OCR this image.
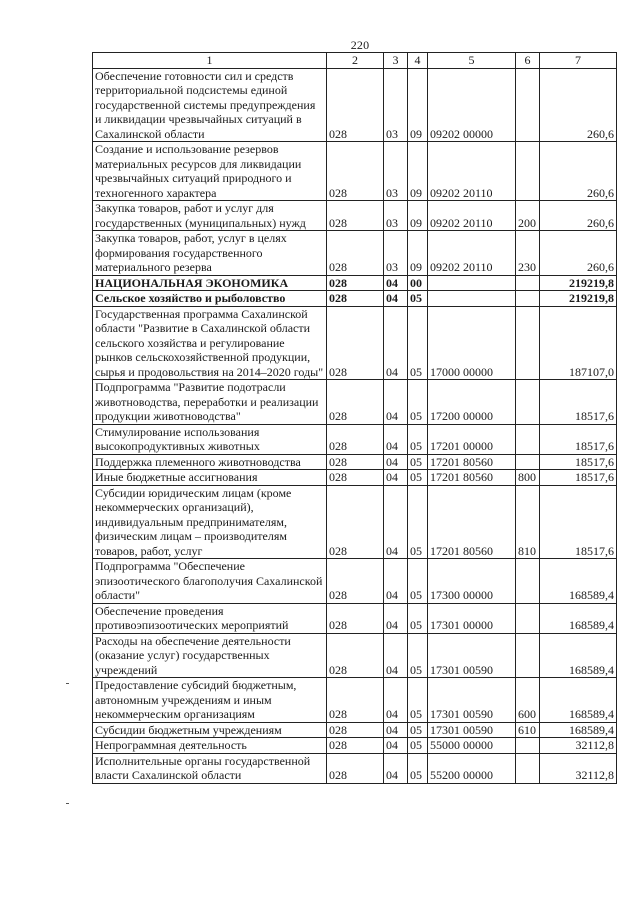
220
1	2	3	4	5	6	7
Обеспечение готовности сил и средств территориальной подсистемы единой государственной системы предупреждения и ликвидации чрезвычайных ситуаций в Сахалинской области	028	03	09	09202 00000		260,6
Создание и использование резервов материальных ресурсов для ликвидации чрезвычайных ситуаций природного и техногенного характера	028	03	09	09202 20110		260,6
Закупка товаров, работ и услуг для государственных (муниципальных) нужд	028	03	09	09202 20110	200	260,6
Закупка товаров, работ, услуг в целях формирования государственного материального резерва	028	03	09	09202 20110	230	260,6
НАЦИОНАЛЬНАЯ ЭКОНОМИКА	028	04	00			219219,8
Сельское хозяйство и рыболовство	028	04	05			219219,8
Государственная программа Сахалинской области "Развитие в Сахалинской области сельского хозяйства и регулирование рынков сельскохозяйственной продукции, сырья и продовольствия на 2014–2020 годы"	028	04	05	17000 00000		187107,0
Подпрограмма "Развитие подотрасли животноводства, переработки и реализации продукции животноводства"	028	04	05	17200 00000		18517,6
Стимулирование использования высокопродуктивных животных	028	04	05	17201 00000		18517,6
Поддержка племенного животноводства	028	04	05	17201 80560		18517,6
Иные бюджетные ассигнования	028	04	05	17201 80560	800	18517,6
Субсидии юридическим лицам (кроме некоммерческих организаций), индивидуальным предпринимателям, физическим лицам – производителям товаров, работ, услуг	028	04	05	17201 80560	810	18517,6
Подпрограмма "Обеспечение эпизоотического благополучия Сахалинской области"	028	04	05	17300 00000		168589,4
Обеспечение проведения противоэпизоотических мероприятий	028	04	05	17301 00000		168589,4
Расходы на обеспечение деятельности (оказание услуг) государственных учреждений	028	04	05	17301 00590		168589,4
Предоставление субсидий бюджетным, автономным учреждениям и иным некоммерческим организациям	028	04	05	17301 00590	600	168589,4
Субсидии бюджетным учреждениям	028	04	05	17301 00590	610	168589,4
Непрограммная деятельность	028	04	05	55000 00000		32112,8
Исполнительные органы государственной власти Сахалинской области	028	04	05	55200 00000		32112,8
